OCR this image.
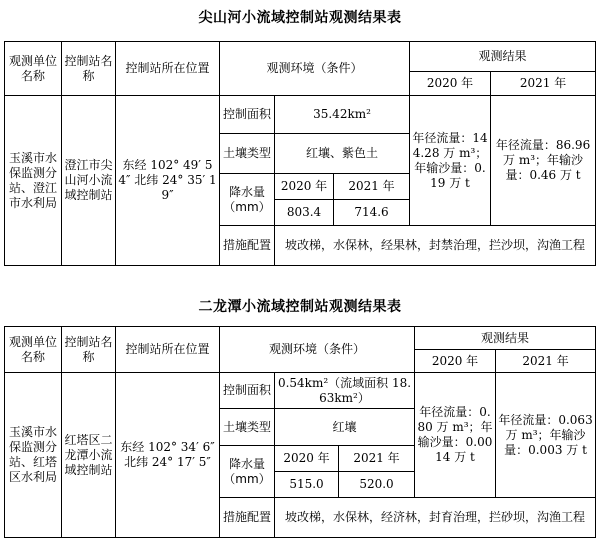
尖山河小流域控制站观测结果表
观测单位名称	控制站名称	控制站所在位置	观测环境（条件）			观测结果	
						2020 年	2021 年
玉溪市水保监测分站、澄江市水利局	澄江市尖山河小流域控制站	东经 102° 49′ 54″ 北纬 24° 35′ 19″	控制面积	35.42km²		年径流量：144.28 万 m³；年输沙量：0.19 万 t	年径流量：86.96 万 m³；年输沙量：0.46 万 t
			土壤类型	红壤、紫色土			
			降水量（mm）	2020 年	2021 年		
				803.4	714.6		
			措施配置	坡改梯，水保林，经果林，封禁治理，拦沙坝，沟渔工程			
二龙潭小流域控制站观测结果表
观测单位名称	控制站名称	控制站所在位置	观测环境（条件）			观测结果	
						2020 年	2021 年
玉溪市水保监测分站、红塔区水利局	红塔区二龙潭小流域控制站	东经 102° 34′ 6″ 北纬 24° 17′ 5″	控制面积	0.54km²（流域面积 18.63km²）		年径流量：0.80 万 m³；年输沙量：0.0014 万 t	年径流量：0.063 万 m³；年输沙量：0.003 万 t
			土壤类型	红壤			
			降水量（mm）	2020 年	2021 年		
				515.0	520.0		
			措施配置	坡改梯，水保林，经济林，封育治理，拦砂坝，沟渔工程			
